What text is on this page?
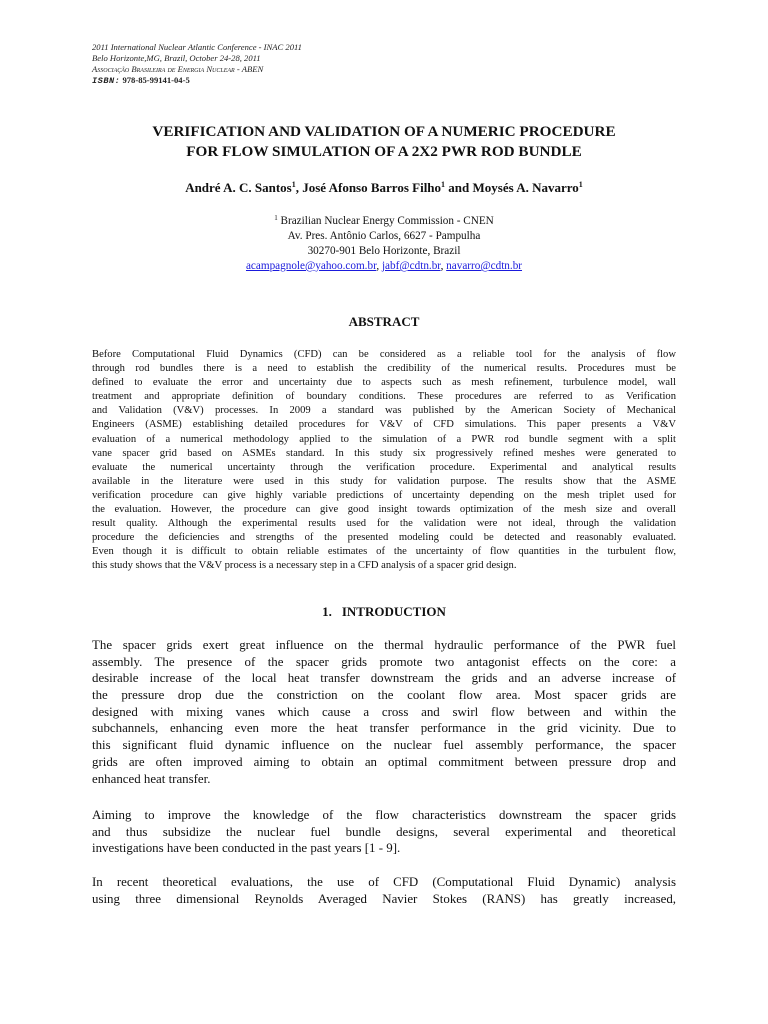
2011 International Nuclear Atlantic Conference - INAC 2011
Belo Horizonte,MG, Brazil, October 24-28, 2011
Associação Brasileira de Energia Nuclear - ABEN
ISBN: 978-85-99141-04-5
VERIFICATION AND VALIDATION OF A NUMERIC PROCEDURE
FOR FLOW SIMULATION OF A 2X2 PWR ROD BUNDLE
André A. C. Santos$^1$, José Afonso Barros Filho$^1$ and Moysés A. Navarro$^1$
$^1$ Brazilian Nuclear Energy Commission - CNEN
Av. Pres. Antônio Carlos, 6627 - Pampulha
30270-901 Belo Horizonte, Brazil
acampagnole@yahoo.com.br, jabf@cdtn.br, navarro@cdtn.br
ABSTRACT
Before Computational Fluid Dynamics (CFD) can be considered as a reliable tool for the analysis of flow
through rod bundles there is a need to establish the credibility of the numerical results. Procedures must be
defined to evaluate the error and uncertainty due to aspects such as mesh refinement, turbulence model, wall
treatment and appropriate definition of boundary conditions. These procedures are referred to as Verification
and Validation (V&V) processes. In 2009 a standard was published by the American Society of Mechanical
Engineers (ASME) establishing detailed procedures for V&V of CFD simulations. This paper presents a V&V
evaluation of a numerical methodology applied to the simulation of a PWR rod bundle segment with a split
vane spacer grid based on ASMEs standard. In this study six progressively refined meshes were generated to
evaluate the numerical uncertainty through the verification procedure. Experimental and analytical results
available in the literature were used in this study for validation purpose. The results show that the ASME
verification procedure can give highly variable predictions of uncertainty depending on the mesh triplet used for
the evaluation. However, the procedure can give good insight towards optimization of the mesh size and overall
result quality. Although the experimental results used for the validation were not ideal, through the validation
procedure the deficiencies and strengths of the presented modeling could be detected and reasonably evaluated.
Even though it is difficult to obtain reliable estimates of the uncertainty of flow quantities in the turbulent flow,
this study shows that the V&V process is a necessary step in a CFD analysis of a spacer grid design.
1. INTRODUCTION
The spacer grids exert great influence on the thermal hydraulic performance of the PWR fuel
assembly. The presence of the spacer grids promote two antagonist effects on the core: a
desirable increase of the local heat transfer downstream the grids and an adverse increase of
the pressure drop due the constriction on the coolant flow area. Most spacer grids are
designed with mixing vanes which cause a cross and swirl flow between and within the
subchannels, enhancing even more the heat transfer performance in the grid vicinity. Due to
this significant fluid dynamic influence on the nuclear fuel assembly performance, the spacer
grids are often improved aiming to obtain an optimal commitment between pressure drop and
enhanced heat transfer.
Aiming to improve the knowledge of the flow characteristics downstream the spacer grids
and thus subsidize the nuclear fuel bundle designs, several experimental and theoretical
investigations have been conducted in the past years [1 - 9].
In recent theoretical evaluations, the use of CFD (Computational Fluid Dynamic) analysis
using three dimensional Reynolds Averaged Navier Stokes (RANS) has greatly increased,
